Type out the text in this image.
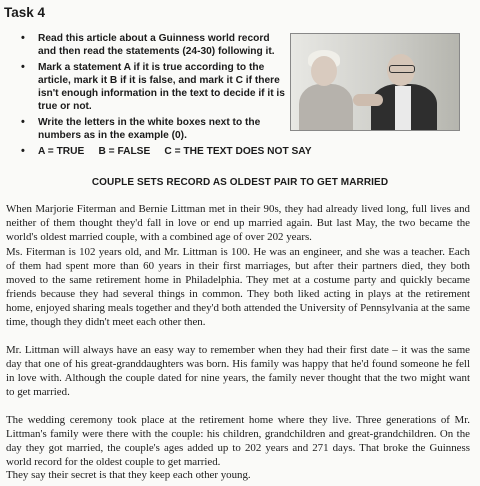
Task 4
• Read this article about a Guinness world record and then read the statements (24-30) following it.
• Mark a statement A if it is true according to the article, mark it B if it is false, and mark it C if there isn't enough information in the text to decide if it is true or not.
• Write the letters in the white boxes next to the numbers as in the example (0).
• A = TRUE     B = FALSE     C = THE TEXT DOES NOT SAY
COUPLE SETS RECORD AS OLDEST PAIR TO GET MARRIED

When Marjorie Fiterman and Bernie Littman met in their 90s, they had already lived long, full lives and neither of them thought they'd fall in love or end up married again. But last May, the two became the world's oldest married couple, with a combined age of over 202 years.

Ms. Fiterman is 102 years old, and Mr. Littman is 100. He was an engineer, and she was a teacher. Each of them had spent more than 60 years in their first marriages, but after their partners died, they both moved to the same retirement home in Philadelphia. They met at a costume party and quickly became friends because they had several things in common. They both liked acting in plays at the retirement home, enjoyed sharing meals together and they'd both attended the University of Pennsylvania at the same time, though they didn't meet each other then.

Mr. Littman will always have an easy way to remember when they had their first date – it was the same day that one of his great-granddaughters was born. His family was happy that he'd found someone he fell in love with. Although the couple dated for nine years, the family never thought that the two might want to get married.

The wedding ceremony took place at the retirement home where they live. Three generations of Mr. Littman's family were there with the couple: his children, grandchildren and great-grandchildren. On the day they got married, the couple's ages added up to 202 years and 271 days. That broke the Guinness world record for the oldest couple to get married.

They say their secret is that they keep each other young.
